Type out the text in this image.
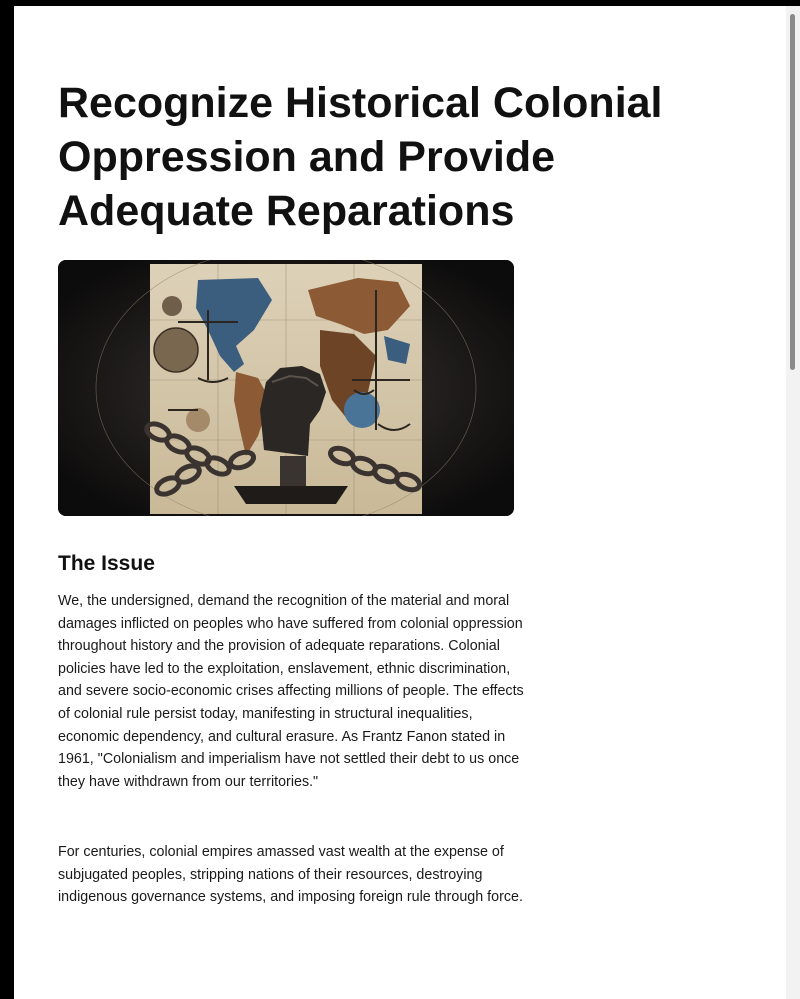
Recognize Historical Colonial Oppression and Provide Adequate Reparations
The Issue

We, the undersigned, demand the recognition of the material and moral damages inflicted on peoples who have suffered from colonial oppression throughout history and the provision of adequate reparations. Colonial policies have led to the exploitation, enslavement, ethnic discrimination, and severe socio-economic crises affecting millions of people. The effects of colonial rule persist today, manifesting in structural inequalities, economic dependency, and cultural erasure. As Frantz Fanon stated in 1961, "Colonialism and imperialism have not settled their debt to us once they have withdrawn from our territories."

For centuries, colonial empires amassed vast wealth at the expense of subjugated peoples, stripping nations of their resources, destroying indigenous governance systems, and imposing foreign rule through force.
